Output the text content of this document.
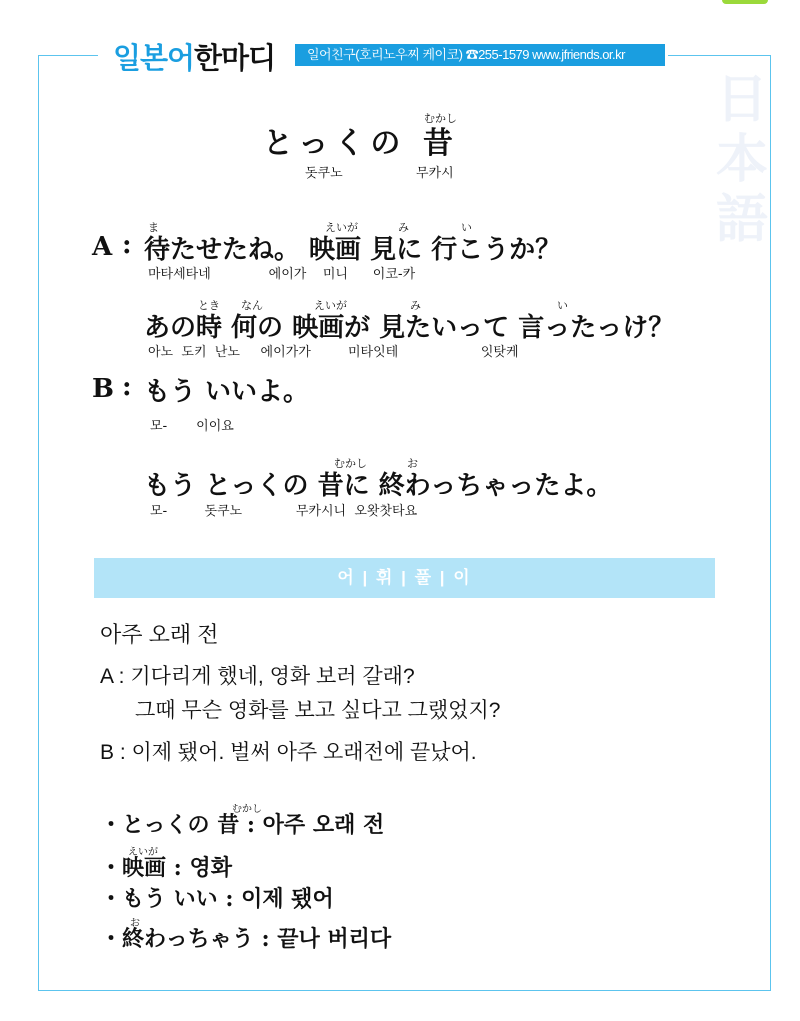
일본어한마디	일어친구(호리노우찌 케이코) ☎255-1579 www.jfriends.or.kr
日
本
語
むかし
とっくの 昔
돗쿠노	무카시
A :
ま	えいが	み	い
待たせたね。 映画 見に 行こうか？
마타세타네              에이가    미니      이코-카
とき なん	えいが	み	い
あの時 何の 映画が 見たいって 言ったっけ？
아노  도키  난노     에이가가         미타잇테                    잇탓케
B : もう いいよ。
모-       이이요
むかし	お
もう とっくの 昔に 終わっちゃったよ。
모-         돗쿠노             무카시니  오왓찻타요
어 | 휘 | 풀 | 이
아주 오래 전
A : 기다리게 했네, 영화 보러 갈래?
그때 무슨 영화를 보고 싶다고 그랬었지?
B : 이제 됐어. 벌써 아주 오래전에 끝났어.
むかし
・とっくの 昔 : 아주 오래 전
えいが
・映画 : 영화
・もう いい : 이제 됐어
お
・終わっちゃう : 끝나 버리다
